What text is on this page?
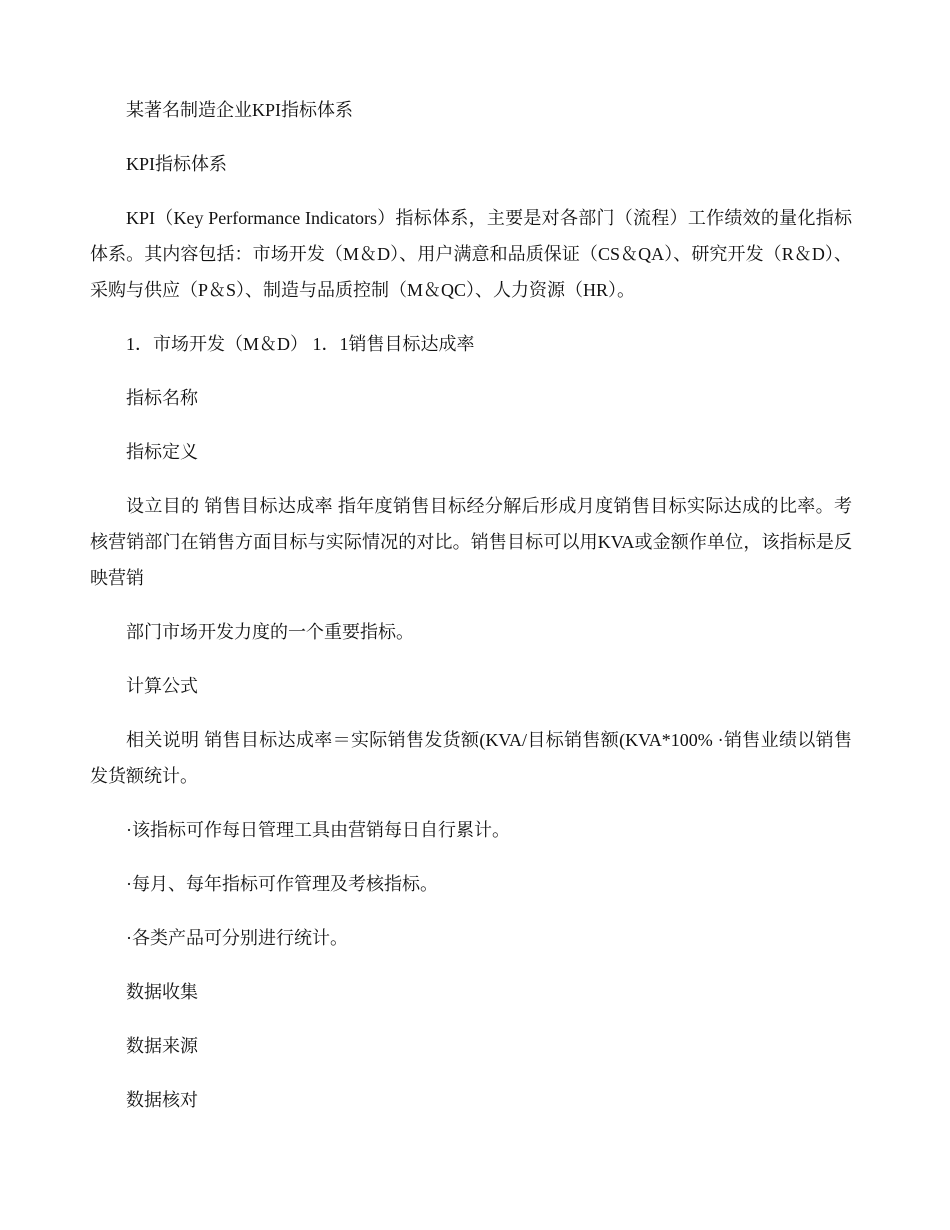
某著名制造企业KPI指标体系

KPI指标体系

KPI（Key Performance Indicators）指标体系，主要是对各部门（流程）工作绩效的量化指标体系。其内容包括：市场开发（M＆D）、用户满意和品质保证（CS＆QA）、研究开发（R＆D）、采购与供应（P＆S）、制造与品质控制（M＆QC）、人力资源（HR）。

1．市场开发（M＆D） 1．1销售目标达成率

指标名称

指标定义

设立目的 销售目标达成率 指年度销售目标经分解后形成月度销售目标实际达成的比率。考核营销部门在销售方面目标与实际情况的对比。销售目标可以用KVA或金额作单位，该指标是反映营销

部门市场开发力度的一个重要指标。

计算公式

相关说明 销售目标达成率＝实际销售发货额(KVA/目标销售额(KVA*100% ·销售业绩以销售发货额统计。

·该指标可作每日管理工具由营销每日自行累计。

·每月、每年指标可作管理及考核指标。

·各类产品可分别进行统计。

数据收集

数据来源

数据核对
